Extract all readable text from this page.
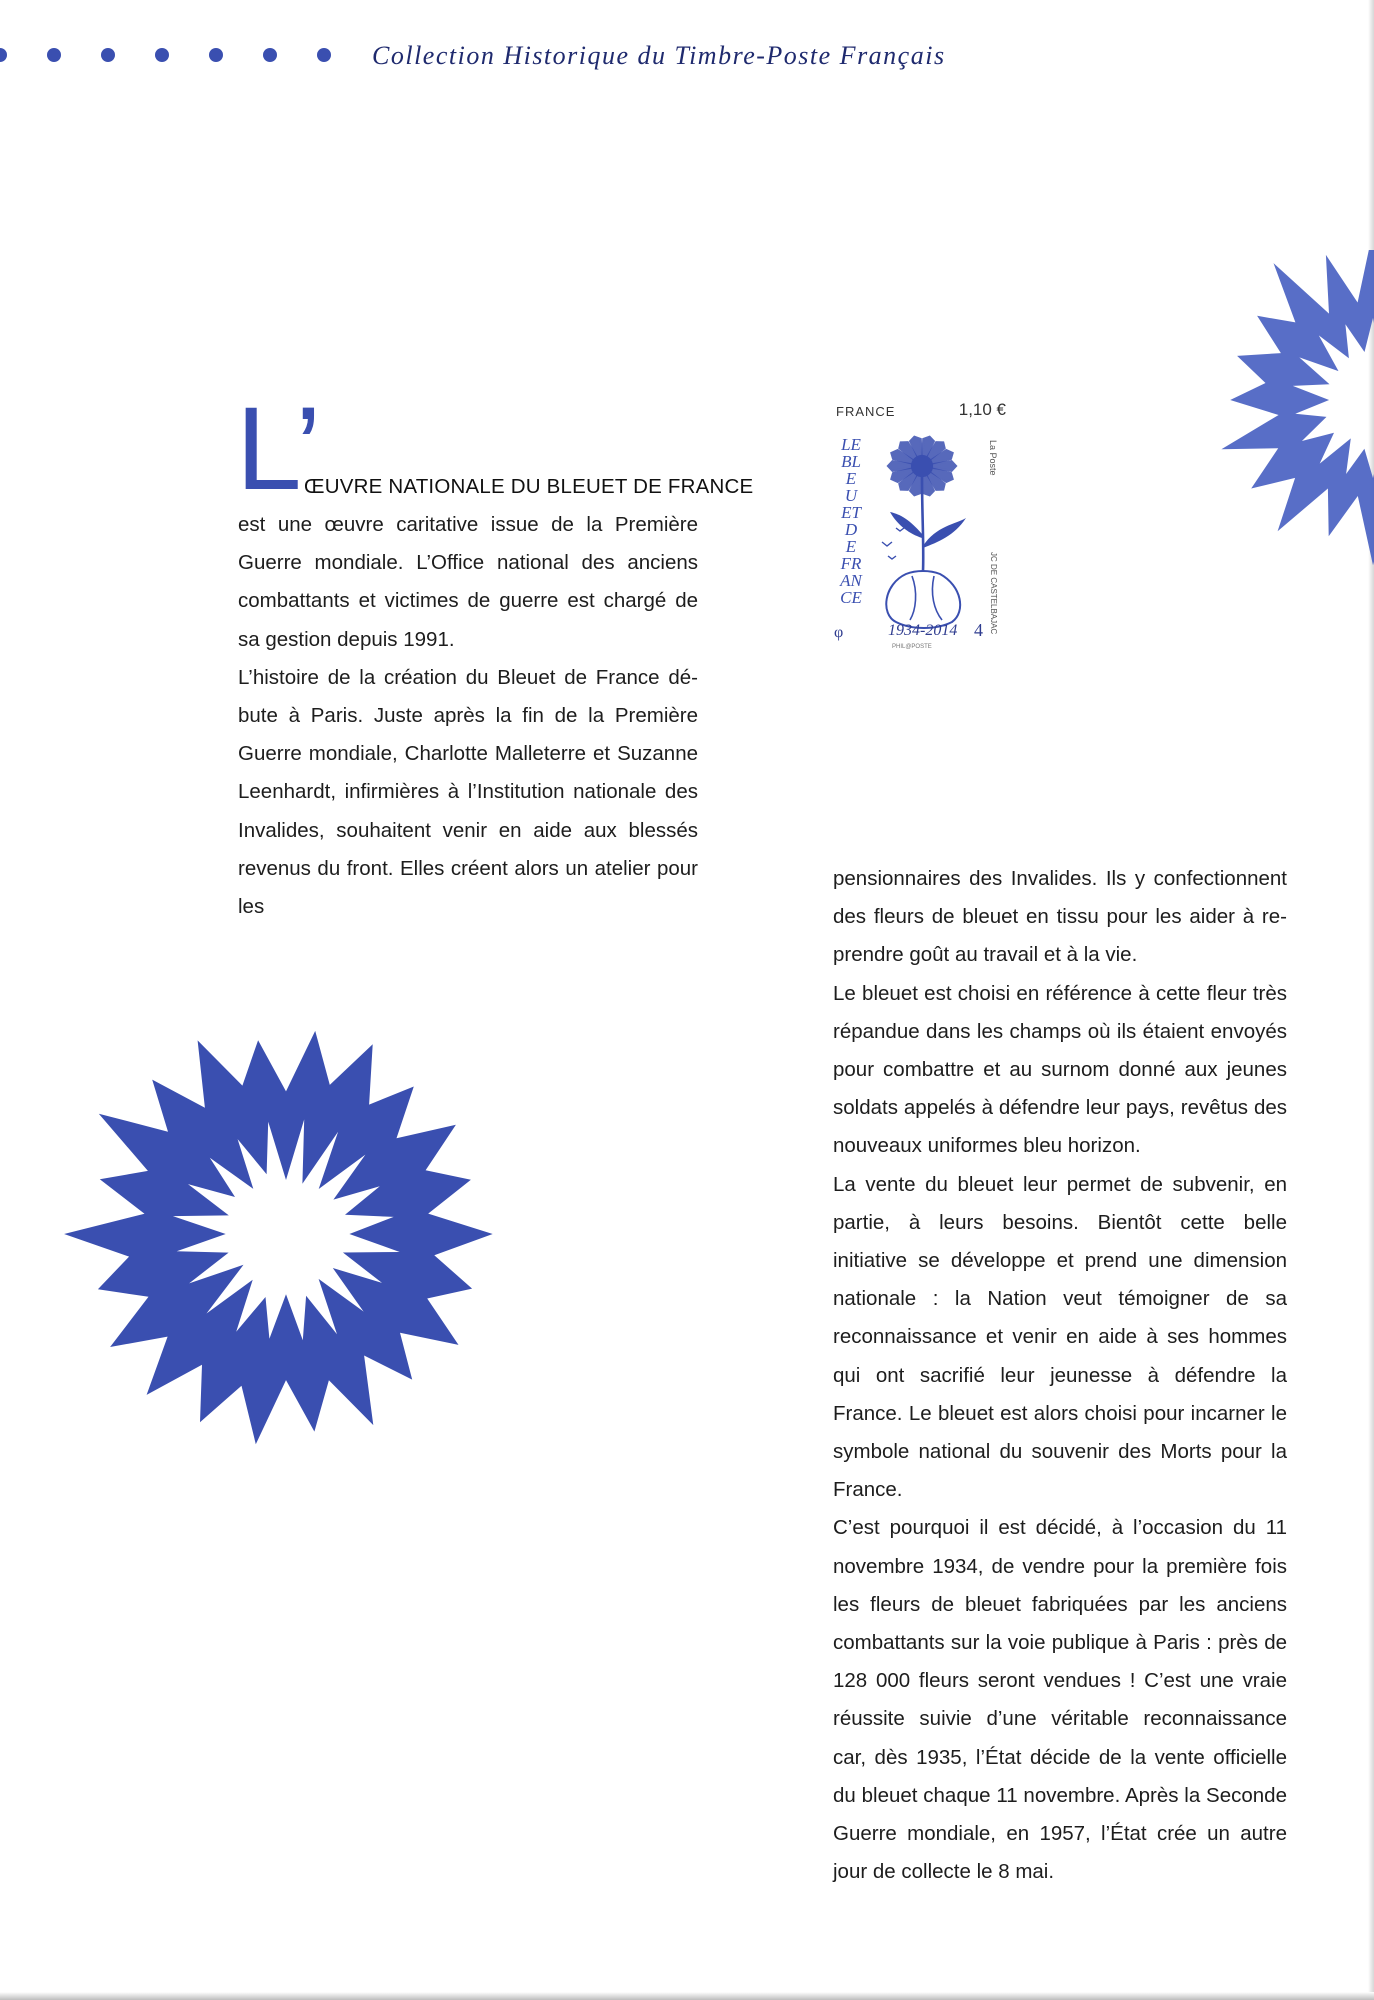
Collection Historique du Timbre-Poste Français
FRANCE	1,10 €
LE BLEUET DE FRANCE
La Poste
JC DE CASTELBAJAC
φ	1934-2014 4
PHIL@POSTE
L’
ŒUVRE NATIONALE DU BLEUET DE FRANCE

est une œuvre caritative issue de la Première Guerre mondiale. L’Office national des anciens combattants et victimes de guerre est chargé de sa gestion depuis 1991.

L’histoire de la création du Bleuet de France débute à Paris. Juste après la fin de la Première Guerre mondiale, Charlotte Malleterre et Suzanne Leenhardt, infirmières à l’Institution nationale des Invalides, souhaitent venir en aide aux blessés revenus du front. Elles créent alors un atelier pour les

pensionnaires des Invalides. Ils y confectionnent des fleurs de bleuet en tissu pour les aider à reprendre goût au travail et à la vie.

Le bleuet est choisi en référence à cette fleur très répandue dans les champs où ils étaient envoyés pour combattre et au surnom donné aux jeunes soldats appelés à défendre leur pays, revêtus des nouveaux uniformes bleu horizon.

La vente du bleuet leur permet de subvenir, en partie, à leurs besoins. Bientôt cette belle initiative se développe et prend une dimension nationale : la Nation veut témoigner de sa reconnaissance et venir en aide à ses hommes qui ont sacrifié leur jeunesse à défendre la France. Le bleuet est alors choisi pour incarner le symbole national du souvenir des Morts pour la France.

C’est pourquoi il est décidé, à l’occasion du 11 novembre 1934, de vendre pour la première fois les fleurs de bleuet fabriquées par les anciens combattants sur la voie publique à Paris : près de 128 000 fleurs seront vendues ! C’est une vraie réussite suivie d’une véritable reconnaissance car, dès 1935, l’État décide de la vente officielle du bleuet chaque 11 novembre. Après la Seconde Guerre mondiale, en 1957, l’État crée un autre jour de collecte le 8 mai.
